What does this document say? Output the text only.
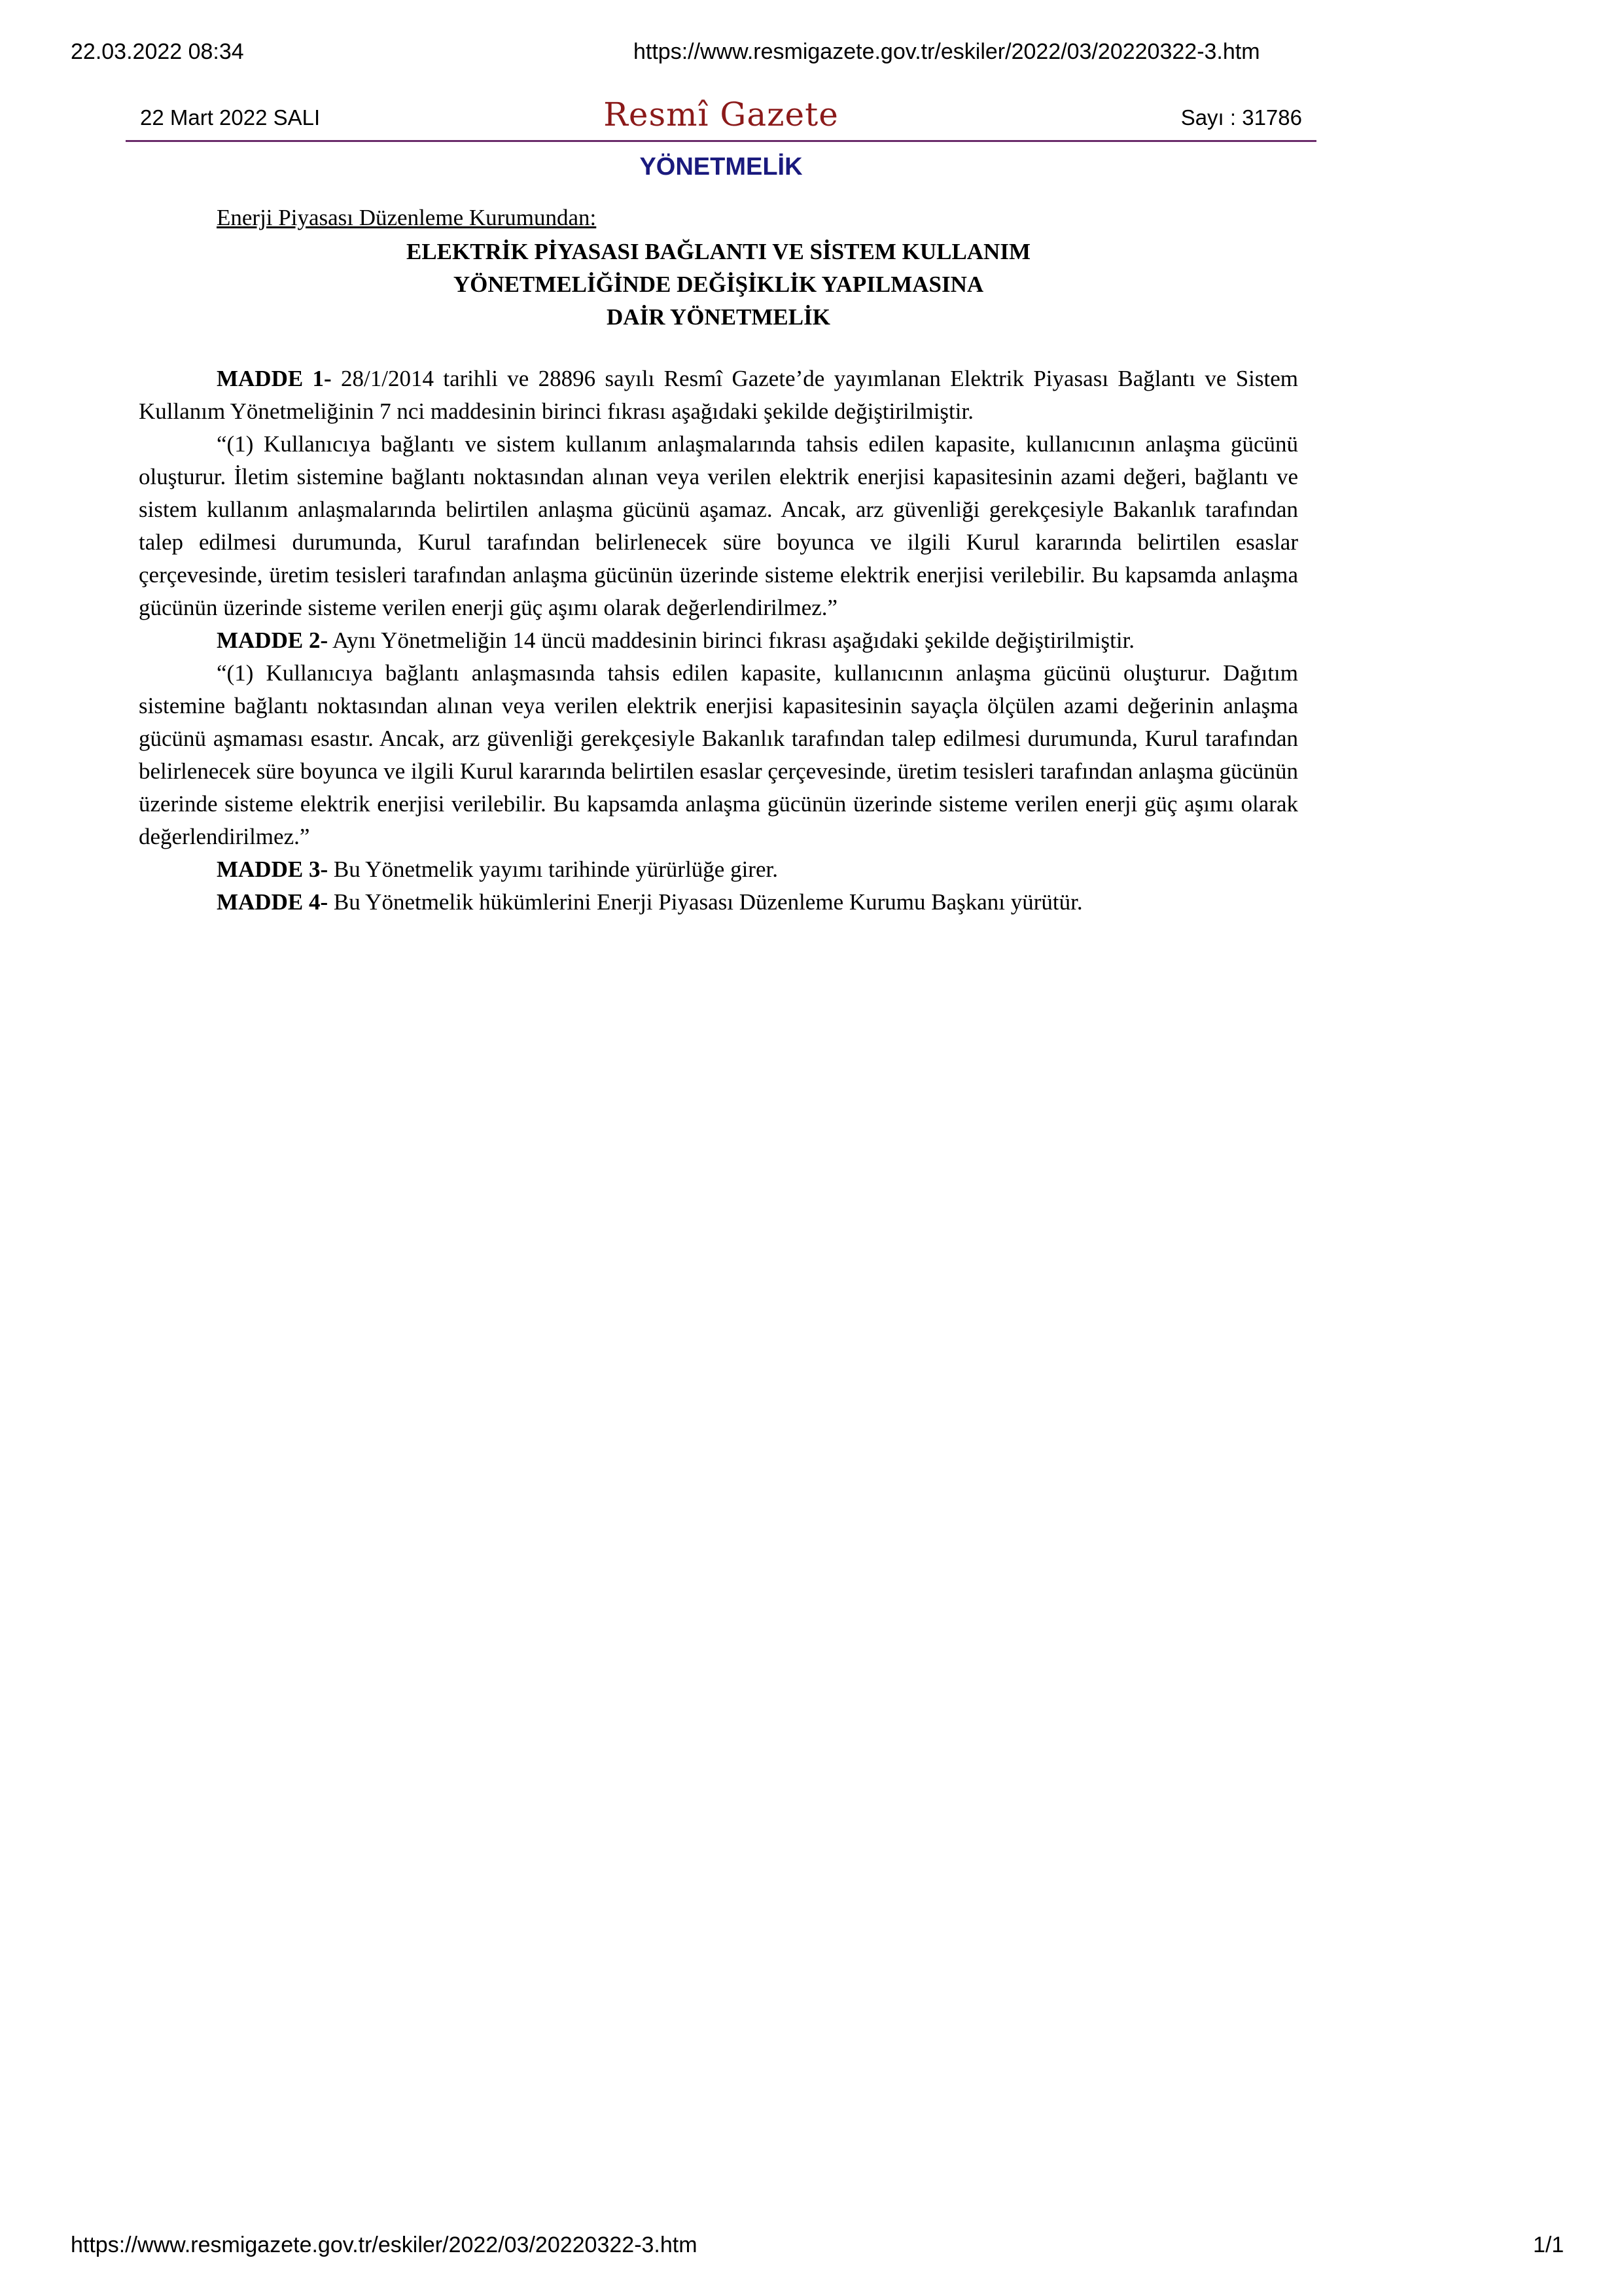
22.03.2022 08:34	https://www.resmigazete.gov.tr/eskiler/2022/03/20220322-3.htm
22 Mart 2022 SALI	Resmî Gazete	Sayı : 31786
YÖNETMELİK
Enerji Piyasası Düzenleme Kurumundan:
ELEKTRİK PİYASASI BAĞLANTI VE SİSTEM KULLANIM
YÖNETMELİĞİNDE DEĞİŞİKLİK YAPILMASINA
DAİR YÖNETMELİK

MADDE 1- 28/1/2014 tarihli ve 28896 sayılı Resmî Gazete’de yayımlanan Elektrik Piyasası Bağlantı ve Sistem Kullanım Yönetmeliğinin 7 nci maddesinin birinci fıkrası aşağıdaki şekilde değiştirilmiştir.

“(1) Kullanıcıya bağlantı ve sistem kullanım anlaşmalarında tahsis edilen kapasite, kullanıcının anlaşma gücünü oluşturur. İletim sistemine bağlantı noktasından alınan veya verilen elektrik enerjisi kapasitesinin azami değeri, bağlantı ve sistem kullanım anlaşmalarında belirtilen anlaşma gücünü aşamaz. Ancak, arz güvenliği gerekçesiyle Bakanlık tarafından talep edilmesi durumunda, Kurul tarafından belirlenecek süre boyunca ve ilgili Kurul kararında belirtilen esaslar çerçevesinde, üretim tesisleri tarafından anlaşma gücünün üzerinde sisteme elektrik enerjisi verilebilir. Bu kapsamda anlaşma gücünün üzerinde sisteme verilen enerji güç aşımı olarak değerlendirilmez.”

MADDE 2- Aynı Yönetmeliğin 14 üncü maddesinin birinci fıkrası aşağıdaki şekilde değiştirilmiştir.

“(1) Kullanıcıya bağlantı anlaşmasında tahsis edilen kapasite, kullanıcının anlaşma gücünü oluşturur. Dağıtım sistemine bağlantı noktasından alınan veya verilen elektrik enerjisi kapasitesinin sayaçla ölçülen azami değerinin anlaşma gücünü aşmaması esastır. Ancak, arz güvenliği gerekçesiyle Bakanlık tarafından talep edilmesi durumunda, Kurul tarafından belirlenecek süre boyunca ve ilgili Kurul kararında belirtilen esaslar çerçevesinde, üretim tesisleri tarafından anlaşma gücünün üzerinde sisteme elektrik enerjisi verilebilir. Bu kapsamda anlaşma gücünün üzerinde sisteme verilen enerji güç aşımı olarak değerlendirilmez.”

MADDE 3- Bu Yönetmelik yayımı tarihinde yürürlüğe girer.

MADDE 4- Bu Yönetmelik hükümlerini Enerji Piyasası Düzenleme Kurumu Başkanı yürütür.

https://www.resmigazete.gov.tr/eskiler/2022/03/20220322-3.htm	1/1
